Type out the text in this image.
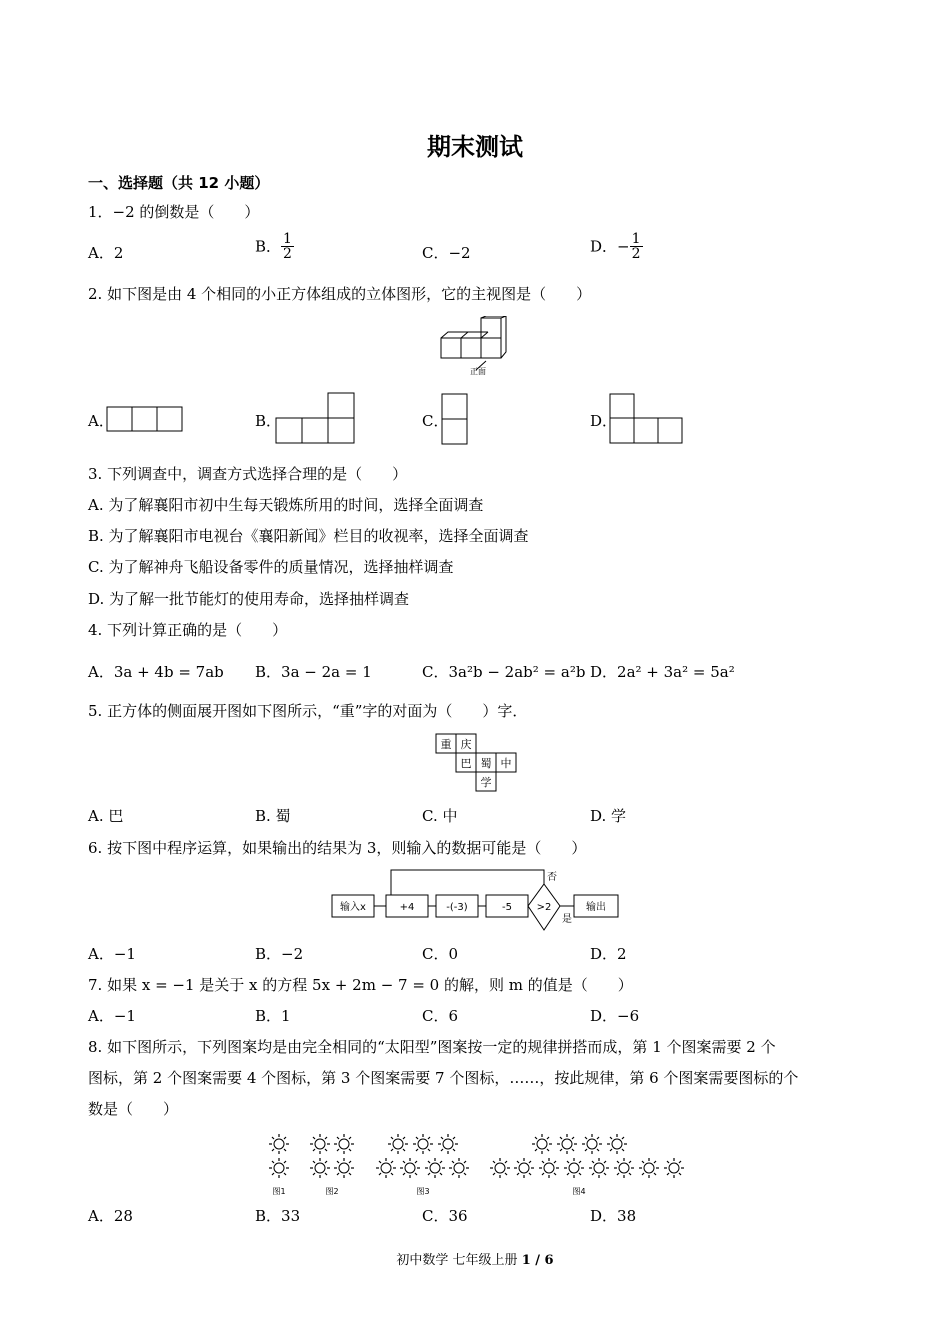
期末测试
一、选择题（共 12 小题）
1．−2 的倒数是（　　）
A．2	B． $\frac{1}{2}$	C．−2	D．− $\frac{1}{2}$
2. 如下图是由 4 个相同的小正方体组成的立体图形，它的主视图是（　　）
正面
A．	B．	C．	D．
3. 下列调查中，调查方式选择合理的是（　　）
A. 为了解襄阳市初中生每天锻炼所用的时间，选择全面调查
B. 为了解襄阳市电视台《襄阳新闻》栏目的收视率，选择全面调查
C. 为了解神舟飞船设备零件的质量情况，选择抽样调查
D. 为了解一批节能灯的使用寿命，选择抽样调查
4. 下列计算正确的是（　　）
A．3a + 4b = 7ab B．3a − 2a = 1	C．3a²b − 2ab² = a²b D．2a² + 3a² = 5a²
5. 正方体的侧面展开图如下图所示，“重”字的对面为（　　）字．
重 庆
巴 蜀 中
学
A. 巴	B. 蜀	C. 中	D. 学
6. 按下图中程序运算，如果输出的结果为 3，则输入的数据可能是（　　）
输入x	+4	-(-3)	-5 >2	输出
否
是
A．−1	B．−2	C．0	D．2
7. 如果 x = −1 是关于 x 的方程 5x + 2m − 7 = 0 的解，则 m 的值是（　　）
A．−1	B．1	C．6	D．−6
8. 如下图所示，下列图案均是由完全相同的“太阳型”图案按一定的规律拼搭而成，第 1 个图案需要 2 个
图标，第 2 个图案需要 4 个图标，第 3 个图案需要 7 个图标，……，按此规律，第 6 个图案需要图标的个
数是（　　）
图1	图2	图3	图4
A．28	B．33	C．36	D．38
初中数学 七年级上册 1 / 6
